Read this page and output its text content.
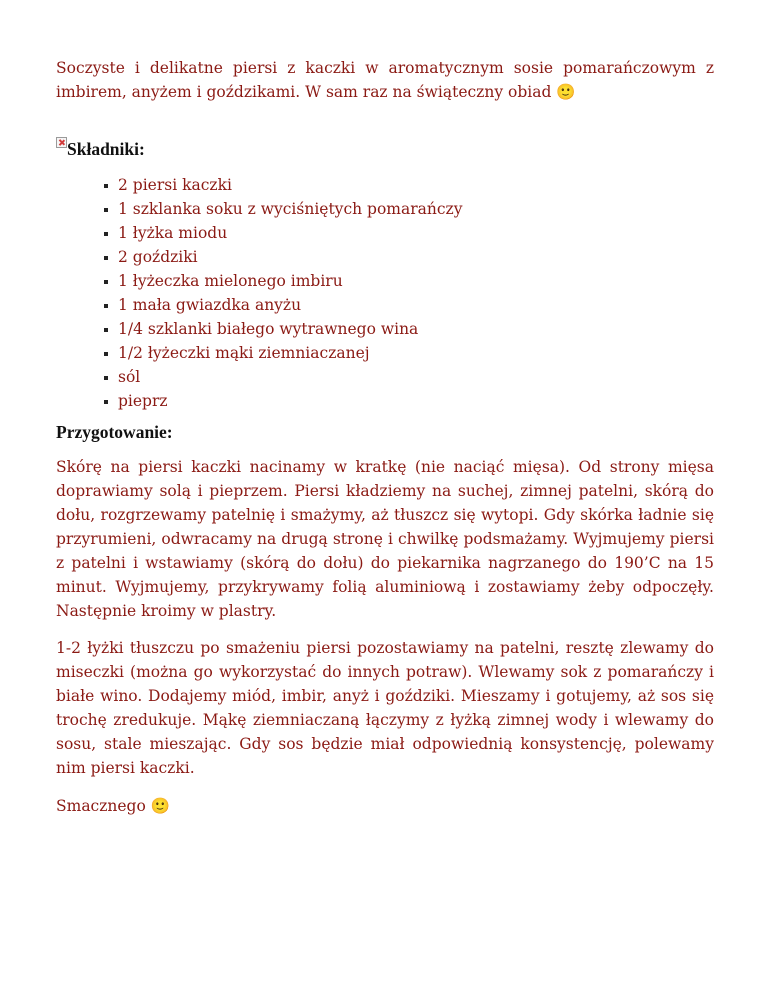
Soczyste i delikatne piersi z kaczki w aromatycznym sosie pomarańczowym z imbirem, anyżem i goździkami. W sam raz na świąteczny obiad 🙂

Składniki:
2 piersi kaczki
1 szklanka soku z wyciśniętych pomarańczy
1 łyżka miodu
2 goździki
1 łyżeczka mielonego imbiru
1 mała gwiazdka anyżu
1/4 szklanki białego wytrawnego wina
1/2 łyżeczki mąki ziemniaczanej
sól
pieprz
Przygotowanie:

Skórę na piersi kaczki nacinamy w kratkę (nie naciąć mięsa). Od strony mięsa doprawiamy solą i pieprzem. Piersi kładziemy na suchej, zimnej patelni, skórą do dołu, rozgrzewamy patelnię i smażymy, aż tłuszcz się wytopi. Gdy skórka ładnie się przyrumieni, odwracamy na drugą stronę i chwilkę podsmażamy. Wyjmujemy piersi z patelni i wstawiamy (skórą do dołu) do piekarnika nagrzanego do 190’C na 15 minut. Wyjmujemy, przykrywamy folią aluminiową i zostawiamy żeby odpoczęły. Następnie kroimy w plastry.

1-2 łyżki tłuszczu po smażeniu piersi pozostawiamy na patelni, resztę zlewamy do miseczki (można go wykorzystać do innych potraw). Wlewamy sok z pomarańczy i białe wino. Dodajemy miód, imbir, anyż i goździki. Mieszamy i gotujemy, aż sos się trochę zredukuje. Mąkę ziemniaczaną łączymy z łyżką zimnej wody i wlewamy do sosu, stale mieszając. Gdy sos będzie miał odpowiednią konsystencję, polewamy nim piersi kaczki.

Smacznego 🙂
